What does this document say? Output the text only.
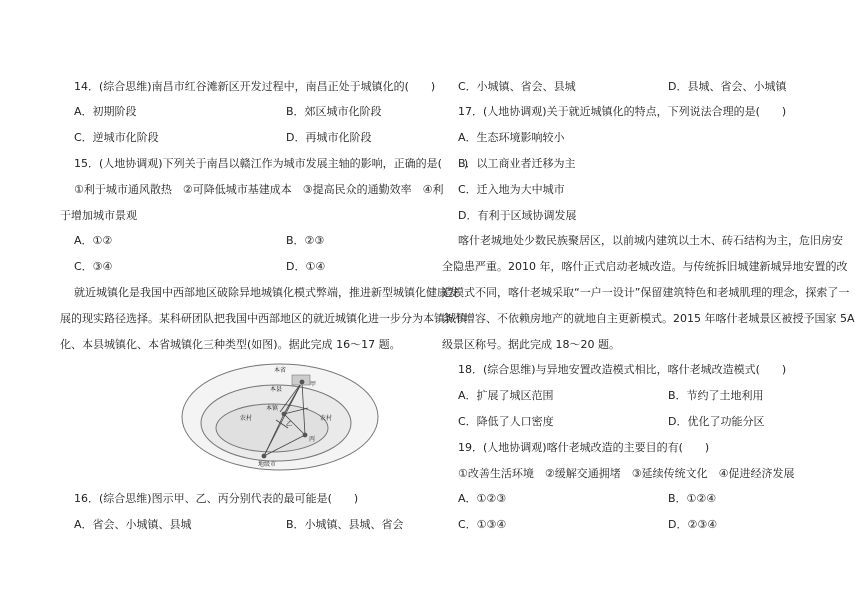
14．(综合思维)南昌市红谷滩新区开发过程中，南昌正处于城镇化的(　　)
A．初期阶段	B．郊区城市化阶段
C．逆城市化阶段	D．再城市化阶段
15．(人地协调观)下列关于南昌以赣江作为城市发展主轴的影响，正确的是(　　)
①利于城市通风散热　②可降低城市基建成本　③提高民众的通勤效率　④利
于增加城市景观
A．①②	B．②③
C．③④	D．①④
就近城镇化是我国中西部地区破除异地城镇化模式弊端，推进新型城镇化健康发
展的现实路径选择。某科研团队把我国中西部地区的就近城镇化进一步分为本镇城镇
化、本县城镇化、本省城镇化三种类型(如图)。据此完成 16～17 题。
本省
本县
本镇
甲
乙
丙
农村	农村
地级市
16．(综合思维)图示甲、乙、丙分别代表的最可能是(　　)
A．省会、小城镇、县城	B．小城镇、县城、省会
C．小城镇、省会、县城	D．县城、省会、小城镇
17．(人地协调观)关于就近城镇化的特点，下列说法合理的是(　　)
A．生态环境影响较小
B．以工商业者迁移为主
C．迁入地为大中城市
D．有利于区域协调发展
喀什老城地处少数民族聚居区，以前城内建筑以土木、砖石结构为主，危旧房安
全隐患严重。2010 年，喀什正式启动老城改造。与传统拆旧城建新城异地安置的改
造模式不同，喀什老城采取“一户一设计”保留建筑特色和老城肌理的理念，探索了一
条不增容、不依赖房地产的就地自主更新模式。2015 年喀什老城景区被授予国家 5A
级景区称号。据此完成 18～20 题。
18．(综合思维)与异地安置改造模式相比，喀什老城改造模式(　　)
A．扩展了城区范围	B．节约了土地利用
C．降低了人口密度	D．优化了功能分区
19．(人地协调观)喀什老城改造的主要目的有(　　)
①改善生活环境　②缓解交通拥堵　③延续传统文化　④促进经济发展
A．①②③	B．①②④
C．①③④	D．②③④
